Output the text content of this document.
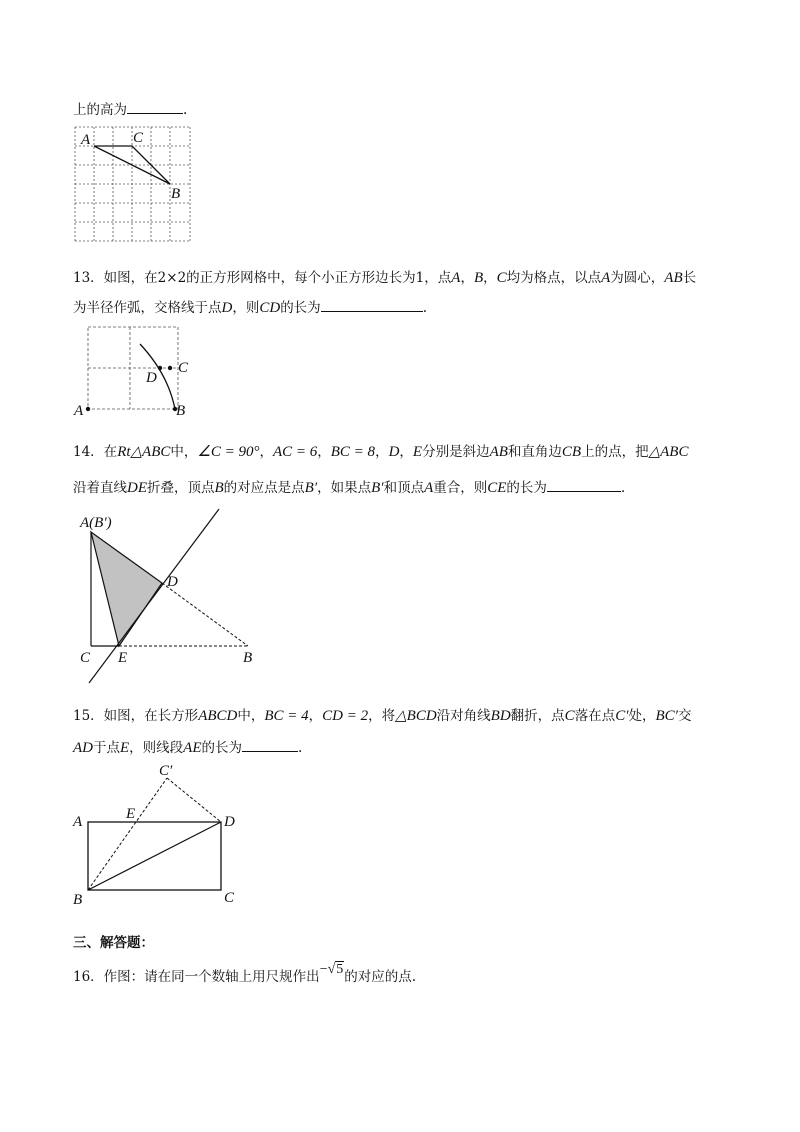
上的高为	.
A	C
B
13．如图，在2×2的正方形网格中，每个小正方形边长为1，点A，B，C均为格点，以点A为圆心，AB长
为半径作弧，交格线于点D，则CD的长为	.
A	B
C
D
14．在Rt△ABC中，∠C = 90°，AC = 6，BC = 8，D，E分别是斜边AB和直角边CB上的点，把△ABC
沿着直线DE折叠，顶点B的对应点是点B′，如果点B′和顶点A重合，则CE的长为	.
A(B′)
D
C E	B
15．如图，在长方形ABCD中，BC = 4，CD = 2，将△BCD沿对角线BD翻折，点C落在点C′处，BC′交
AD于点E，则线段AE的长为	.
C′
A	E	D
B	C
三、解答题：
16．作图：请在同一个数轴上用尺规作出−√5的对应的点.
